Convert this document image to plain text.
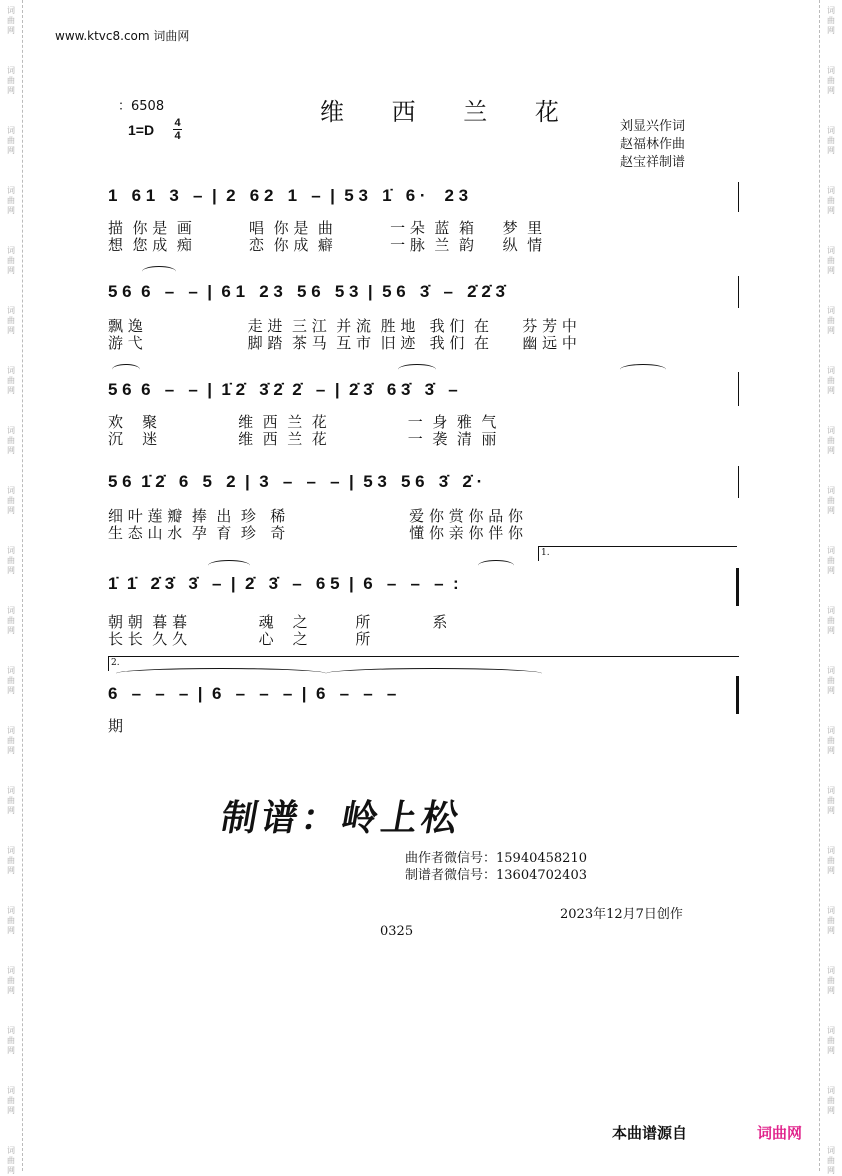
词
曲
网
词
曲
网
词
曲
网
词
曲
网
词
曲
网
词
曲
网
词
曲
网
词
曲
网
词
曲
网
词
曲
网
词
曲
网
词
曲
网
词
曲
网
词
曲
网
词
曲
网
词
曲
网
词
曲
网
词
曲
网
词
曲
网
词
曲
网
词
曲
网
词
曲
网
词
曲
网
词
曲
网
词
曲
网
词
曲
网
词
曲
网
词
曲
网
词
曲
网
词
曲
网
词
曲
网
词
曲
网
词
曲
网
词
曲
网
词
曲
网
词
曲
网
词
曲
网
词
曲
网
词
曲
网
词
曲
网
www.ktvc8.com 词曲网
：6508	维 西 兰 花
1=D 4
4
刘显兴作词
赵福林作曲
赵宝祥制谱
1   6 1   3   –  |  2   6 2   1   –  |  5 3   1̇   6 ·    2 3
描  你 是  画            唱  你 是  曲            一 朵  蓝  箱      梦  里
想  您 成  痴            恋  你 成  癖            一 脉  兰  韵      纵  情
5 6  6   –   –  |  6 1   2 3   5 6   5 3  |  5 6   3̇   –   2̇ 2̇ 3̇
飘 逸                      走 进  三 江  并 流  胜 地   我 们  在       芬 芳 中
游 弋                      脚 踏  茶 马  互 市  旧 迹   我 们  在       幽 远 中
5 6  6   –   –  |  1̇ 2̇   3̇ 2̇  2̇   –  |  2̇ 3̇   6 3̇   3̇   –
欢    聚                 维  西  兰  花                 一  身  雅  气
沉    迷                 维  西  兰  花                 一  袭  清  丽
5 6  1̇ 2̇   6   5   2  |  3   –   –   –  |  5 3   5 6   3̇   2̇ ·
细 叶 莲 瓣  捧  出  珍   稀                          爱 你 赏 你 品 你
生 态 山 水  孕  育  珍   奇                          懂 你 亲 你 伴 你
1.
1̇  1̇   2̇ 3̇   3̇   –  |  2̇   3̇   –   6 5  |  6   –   –   –  :
朝 朝  暮 暮               魂    之          所             系
长 长  久 久               心    之          所
2.
6   –   –   –  |  6   –   –   –  |  6   –   –   –
期
制谱：岭上松
曲作者微信号：15940458210
制谱者微信号：13604702403
2023年12月7日创作
0325
本曲谱源自	词曲网
